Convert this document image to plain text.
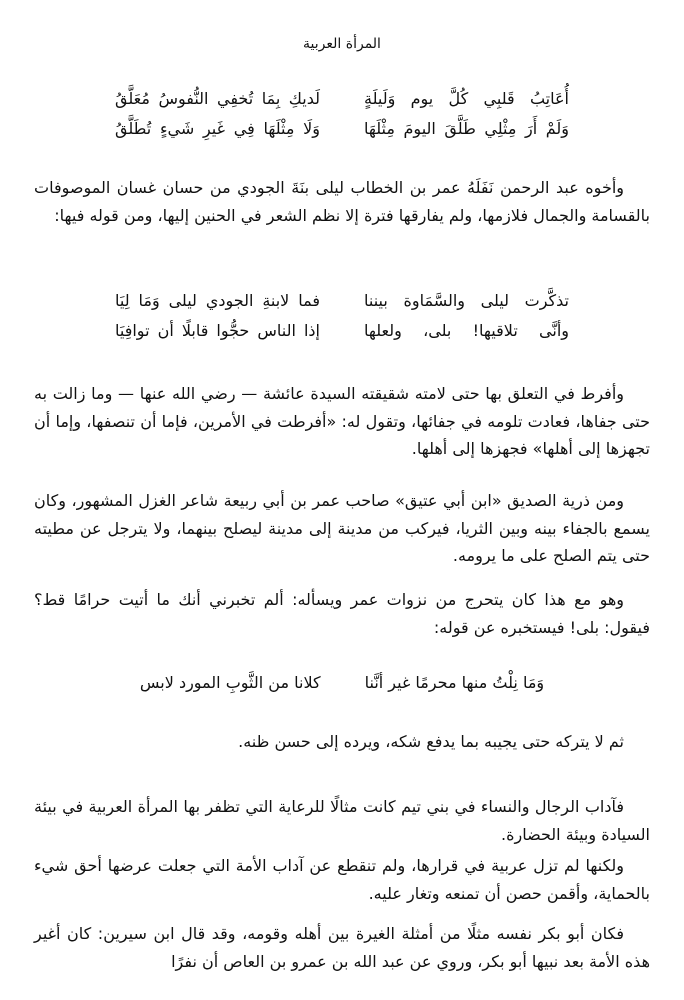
المرأة العربية
أُعَاتِبُ قَلبِي كُلَّ يوم وَلَيلَةٍ
لَديكِ بِمَا تُخفِي النُّفوسُ مُعَلَّقُ
وَلَمْ أَرَ مِثْلِي طَلَّقَ اليومَ مِثْلَهَا
وَلَا مِثْلَهَا فِي غَيرِ شَيءٍ تُطَلَّقُ
وأخوه عبد الرحمن نَفَلَهُ عمر بن الخطاب ليلى بنَةَ الجودي من حسان غسان الموصوفات بالقسامة والجمال فلازمها، ولم يفارقها فترة إلا نظم الشعر في الحنين إليها، ومن قوله فيها:
تذكَّرت ليلى والسَّمَاوة بيننا
فما لابنةِ الجودي ليلى وَمَا لِيَا
وأنَّى تلاقيها! بلى، ولعلها
إذا الناس حجُّوا قابلًا أن توافِيَا
وأفرط في التعلق بها حتى لامته شقيقته السيدة عائشة — رضي الله عنها — وما زالت به حتى جفاها، فعادت تلومه في جفائها، وتقول له: «أفرطت في الأمرين، فإما أن تنصفها، وإما أن تجهزها إلى أهلها» فجهزها إلى أهلها.
ومن ذرية الصديق «ابن أبي عتيق» صاحب عمر بن أبي ربيعة شاعر الغزل المشهور، وكان يسمع بالجفاء بينه وبين الثريا، فيركب من مدينة إلى مدينة ليصلح بينهما، ولا يترجل عن مطيته حتى يتم الصلح على ما يرومه.
وهو مع هذا كان يتحرج من نزوات عمر ويسأله: ألم تخبرني أنك ما أتيت حرامًا قط؟ فيقول: بلى! فيستخبره عن قوله:
وَمَا نِلْتُ منها محرمًا غير أنَّنا
كلانا من الثَّوبِ المورد لابس
ثم لا يتركه حتى يجيبه بما يدفع شكه، ويرده إلى حسن ظنه.
فآداب الرجال والنساء في بني تيم كانت مثالًا للرعاية التي تظفر بها المرأة العربية في بيئة السيادة وبيئة الحضارة.
ولكنها لم تزل عربية في قرارها، ولم تنقطع عن آداب الأمة التي جعلت عرضها أحق شيء بالحماية، وأقمن حصن أن تمنعه وتغار عليه.
فكان أبو بكر نفسه مثلًا من أمثلة الغيرة بين أهله وقومه، وقد قال ابن سيرين: كان أغير هذه الأمة بعد نبيها أبو بكر، وروي عن عبد الله بن عمرو بن العاص أن نفرًا
